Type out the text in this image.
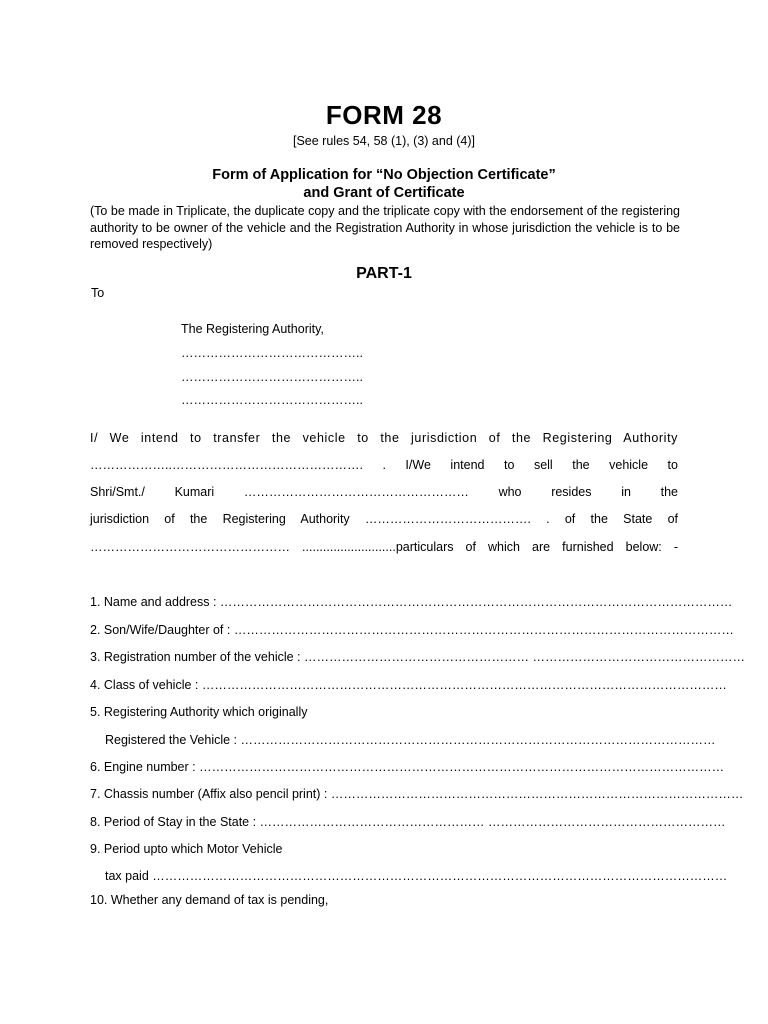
FORM 28
[See rules 54, 58 (1), (3) and (4)]
Form of Application for “No Objection Certificate”
and Grant of Certificate
(To be made in Triplicate, the duplicate copy and the triplicate copy with the endorsement of the registering authority to be owner of the vehicle and the Registration Authority in whose jurisdiction the vehicle is to be removed respectively)
PART-1
To
The Registering Authority,
……………………………………..
……………………………………..
……………………………………..
I/ We intend to transfer the vehicle to the jurisdiction of the Registering Authority
………………..………………………………………. . I/We intend to sell the vehicle to
Shri/Smt./ Kumari ……………………………………………… who resides in the
jurisdiction of the Registering Authority …………………………………. . of the State of
………………………………………… ...........................particulars of which are furnished below: -
1. Name and address : ……………………………………………………………………………………………………………
2. Son/Wife/Daughter of : …………………………………………………………………………………………………………
3. Registration number of the vehicle : ……………………………………………… ……………………………………………
4. Class of vehicle : ………………………………………………………………………………………………………………
5. Registering Authority which originally
Registered the Vehicle : ……………………………………………………………………………………………………
6. Engine number : ………………………………………………………………………………………………………………
7. Chassis number (Affix also pencil print) : ………………………………………………………………………………………
8. Period of Stay in the State : ……………………………………………… …………………………………………………
9. Period upto which Motor Vehicle
tax paid …………………………………………………………………………………………………………………………
10. Whether any demand of tax is pending,
